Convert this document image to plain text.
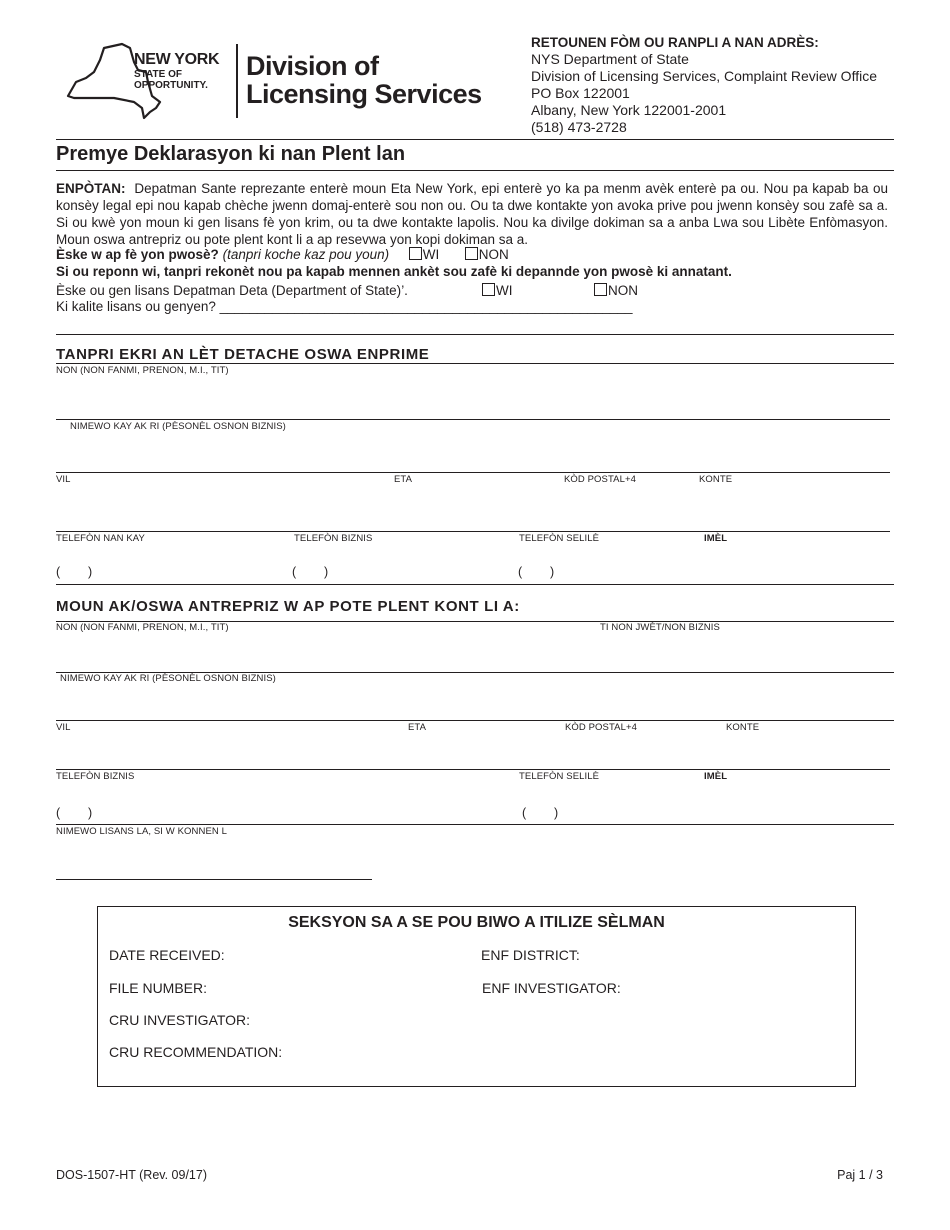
NEW YORK
STATE OF
OPPORTUNITY.
Division of
Licensing Services
RETOUNEN FÒM OU RANPLI A NAN ADRÈS:
NYS Department of State
Division of Licensing Services, Complaint Review Office
PO Box 122001
Albany, New York 122001-2001
(518) 473-2728
Premye Deklarasyon ki nan Plent lan
ENPÒTAN: Depatman Sante reprezante enterè moun Eta New York, epi enterè yo ka pa menm avèk enterè pa ou. Nou pa kapab ba ou konsèy legal epi nou kapab chèche jwenn domaj-enterè sou non ou. Ou ta dwe kontakte yon avoka prive pou jwenn konsèy sou zafè sa a. Si ou kwè yon moun ki gen lisans fè yon krim, ou ta dwe kontakte lapolis. Nou ka divilge dokiman sa a anba Lwa sou Libète Enfòmasyon. Moun oswa antrepriz ou pote plent kont li a ap resevwa yon kopi dokiman sa a.
Èske w ap fè yon pwosè? (tanpri koche kaz pou youn) WI	NON
Si ou reponn wi, tanpri rekonèt nou pa kapab mennen ankèt sou zafè ki depannde yon pwosè ki annatant.
Èske ou gen lisans Depatman Deta (Department of State)’.	WI	NON
Ki kalite lisans ou genyen? _______________________________________________________
TANPRI EKRI AN LÈT DETACHE OSWA ENPRIME
NON (NON FANMI, PRENON, M.I., TIT)
NIMEWO KAY AK RI (PÈSONÈL OSNON BIZNIS)
VIL	ETA	KÒD POSTAL+4	KONTE
TELEFÒN NAN KAY	TELEFÒN BIZNIS	TELEFÒN SELILÈ	IMÈL
(        )	(        )	(        )
MOUN AK/OSWA ANTREPRIZ W AP POTE PLENT KONT LI A:
NON (NON FANMI, PRENON, M.I., TIT)	TI NON JWÈT/NON BIZNIS
NIMEWO KAY AK RI (PÈSONÈL OSNON BIZNIS)
VIL	ETA	KÒD POSTAL+4	KONTE
TELEFÒN BIZNIS	TELEFÒN SELILÈ	IMÈL
(        )	(        )
NIMEWO LISANS LA, SI W KONNEN L
SEKSYON SA A SE POU BIWO A ITILIZE SÈLMAN
DATE RECEIVED:	ENF DISTRICT:
FILE NUMBER:	ENF INVESTIGATOR:
CRU INVESTIGATOR:
CRU RECOMMENDATION:
DOS-1507-HT (Rev. 09/17)	Paj 1 / 3
